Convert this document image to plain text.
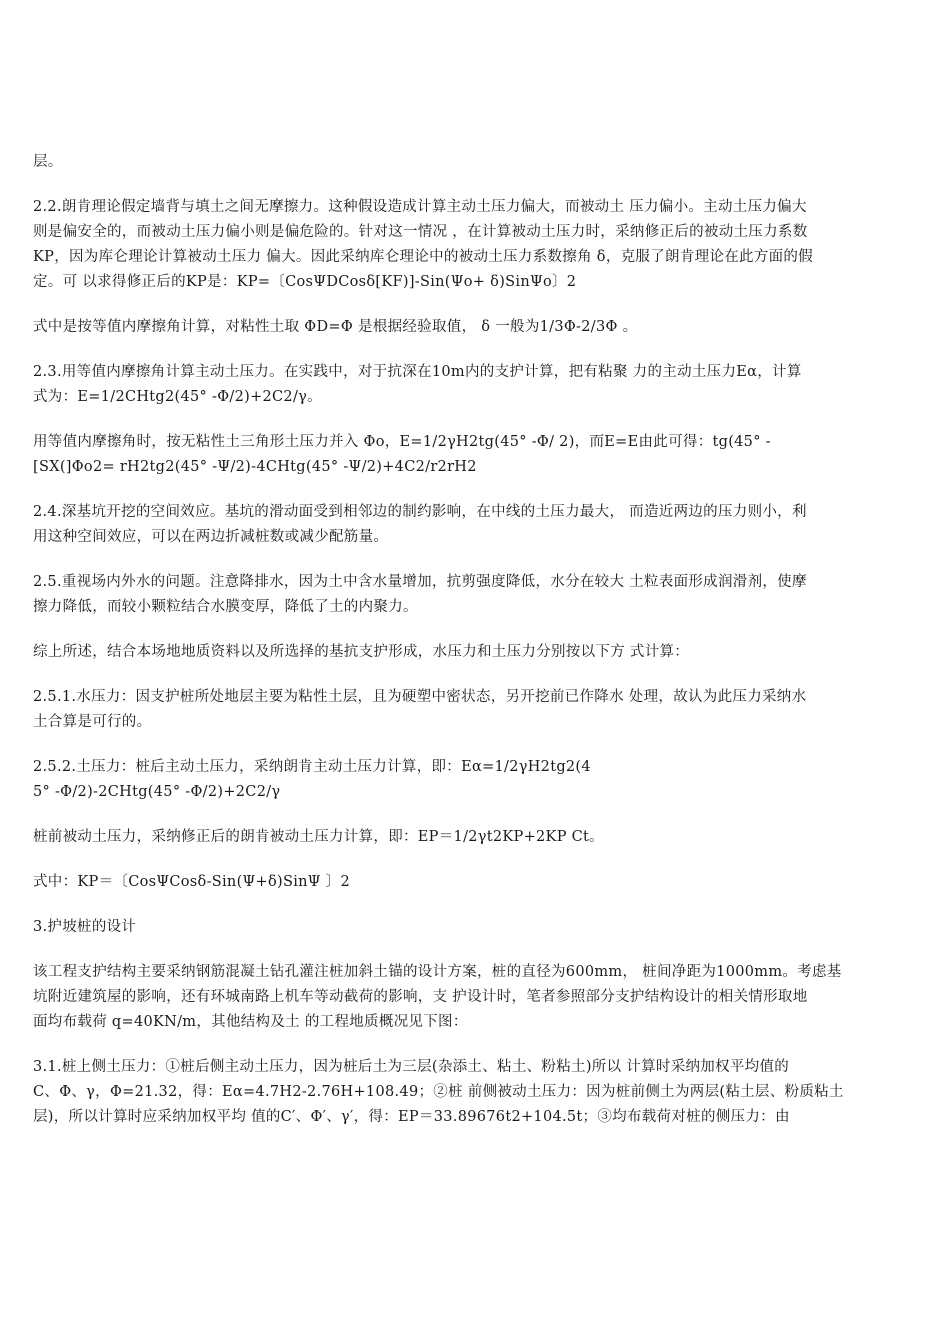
层。
2.2.朗肯理论假定墙背与填土之间无摩擦力。这种假设造成计算主动土压力偏大，而被动土 压力偏小。主动土压力偏大
则是偏安全的，而被动土压力偏小则是偏危险的。针对这一情况 ，在计算被动土压力时，采纳修正后的被动土压力系数
KP，因为库仑理论计算被动土压力 偏大。因此采纳库仑理论中的被动土压力系数擦角 δ，克服了朗肯理论在此方面的假
定。可 以求得修正后的KP是：KP=〔CosΨDCosδ[KF)]-Sin(Ψo+ δ)SinΨo〕2
式中是按等值内摩擦角计算，对粘性土取 ΦD=Φ 是根据经验取值， δ 一般为1/3Φ-2/3Φ 。
2.3.用等值内摩擦角计算主动土压力。在实践中，对于抗深在10m内的支护计算，把有粘聚 力的主动土压力Eα，计算
式为：E=1/2CHtg2(45° -Φ/2)+2C2/γ。
用等值内摩擦角时，按无粘性土三角形土压力并入 Φo，E=1/2γH2tg(45° -Φ/ 2)，而E=E由此可得：tg(45° -
[SX(]Φo2= rH2tg2(45° -Ψ/2)-4CHtg(45° -Ψ/2)+4C2/r2rH2
2.4.深基坑开挖的空间效应。基坑的滑动面受到相邻边的制约影响，在中线的土压力最大， 而造近两边的压力则小，利
用这种空间效应，可以在两边折减桩数或减少配筋量。
2.5.重视场内外水的问题。注意降排水，因为土中含水量增加，抗剪强度降低，水分在较大 土粒表面形成润滑剂，使摩
擦力降低，而较小颗粒结合水膜变厚，降低了土的内聚力。
综上所述，结合本场地地质资料以及所选择的基抗支护形成，水压力和土压力分别按以下方 式计算：
2.5.1.水压力：因支护桩所处地层主要为粘性土层，且为硬塑中密状态，另开挖前已作降水 处理，故认为此压力采纳水
土合算是可行的。
2.5.2.土压力：桩后主动土压力，采纳朗肯主动土压力计算，即：Eα=1/2γH2tg2(4
5° -Φ/2)-2CHtg(45° -Φ/2)+2C2/γ
桩前被动土压力，采纳修正后的朗肯被动土压力计算，即：EP＝1/2γt2KP+2KP Ct。
式中：KP＝〔CosΨCosδ-Sin(Ψ+δ)SinΨ 〕2
3.护坡桩的设计
该工程支护结构主要采纳钢筋混凝土钻孔灌注桩加斜土锚的设计方案，桩的直径为600mm， 桩间净距为1000mm。考虑基
坑附近建筑屋的影响，还有环城南路上机车等动截荷的影响，支 护设计时，笔者参照部分支护结构设计的相关情形取地
面均布载荷 q=40KN/m，其他结构及土 的工程地质概况见下图：
3.1.桩上侧土压力：①桩后侧主动土压力，因为桩后土为三层(杂添土、粘土、粉粘土)所以 计算时采纳加权平均值的
C、Φ、γ，Φ=21.32，得：Eα=4.7H2-2.76H+108.49；②桩 前侧被动土压力：因为桩前侧土为两层(粘土层、粉质粘土
层)，所以计算时应采纳加权平均 值的C′、Φ′、γ′，得：EP＝33.89676t2+104.5t；③均布载荷对桩的侧压力：由
